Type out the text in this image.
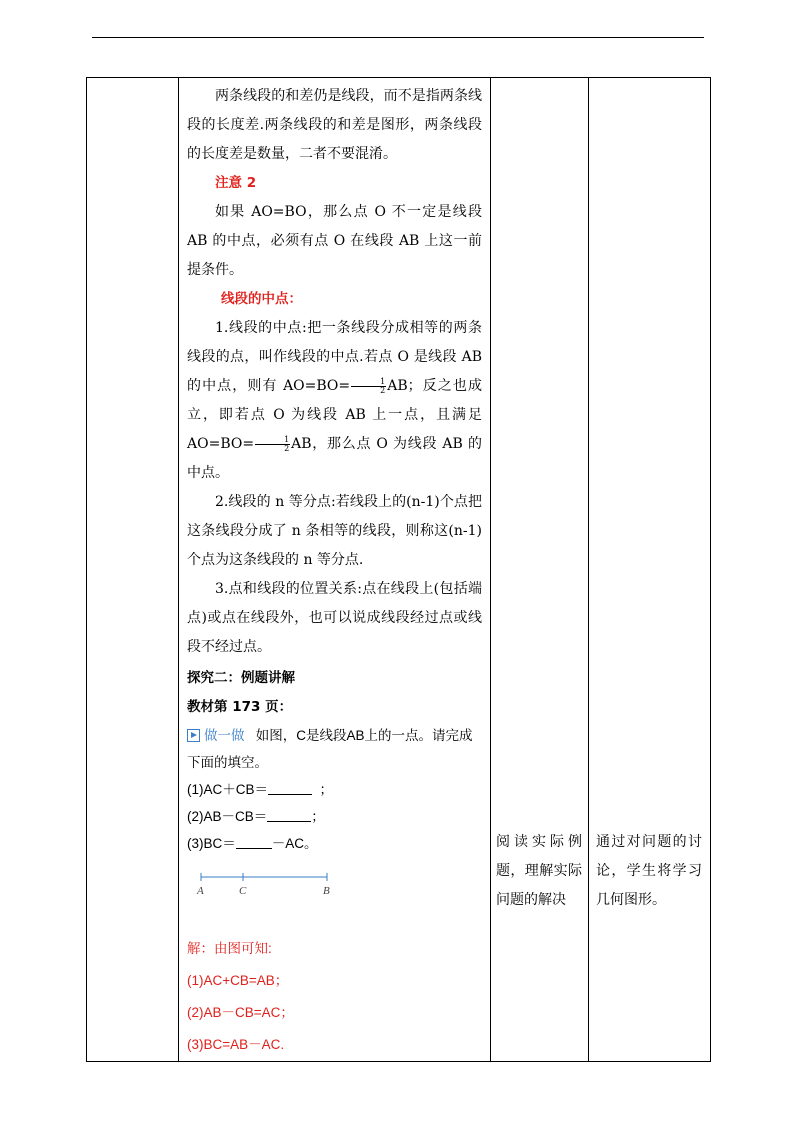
两条线段的和差仍是线段，而不是指两条线段的长度差.两条线段的和差是图形，两条线段的长度差是数量，二者不要混淆。

注意 2

如果 AO=BO，那么点 O 不一定是线段 AB 的中点，必须有点 O 在线段 AB 上这一前提条件。

线段的中点：

1.线段的中点:把一条线段分成相等的两条线段的点，叫作线段的中点.若点 O 是线段 AB 的中点，则有 $AO=BO= \frac{1}{2}$ AB；反之也成立，即若点 O 为线段 AB 上一点，且满足 $AO=BO= \frac{1}{2}$ AB，那么点 O 为线段 AB 的中点。

2.线段的 n 等分点:若线段上的(n-1)个点把这条线段分成了 n 条相等的线段，则称这(n-1)个点为这条线段的 n 等分点.

3.点和线段的位置关系:点在线段上(包括端点)或点在线段外，也可以说成线段经过点或线段不经过点。

探究二：例题讲解

教材第 173 页：

做一做 如图，C是线段AB上的一点。请完成下面的填空。

(1)AC＋CB＝	；

(2)AB－CB＝	；

(3)BC＝	－AC。

A	C	B

解：由图可知:

(1)AC+CB=AB；

(2)AB－CB=AC；

(3)BC=AB－AC.

阅读实际例题，理解实际问题的解决
通过对问题的讨论，学生将学习几何图形。
